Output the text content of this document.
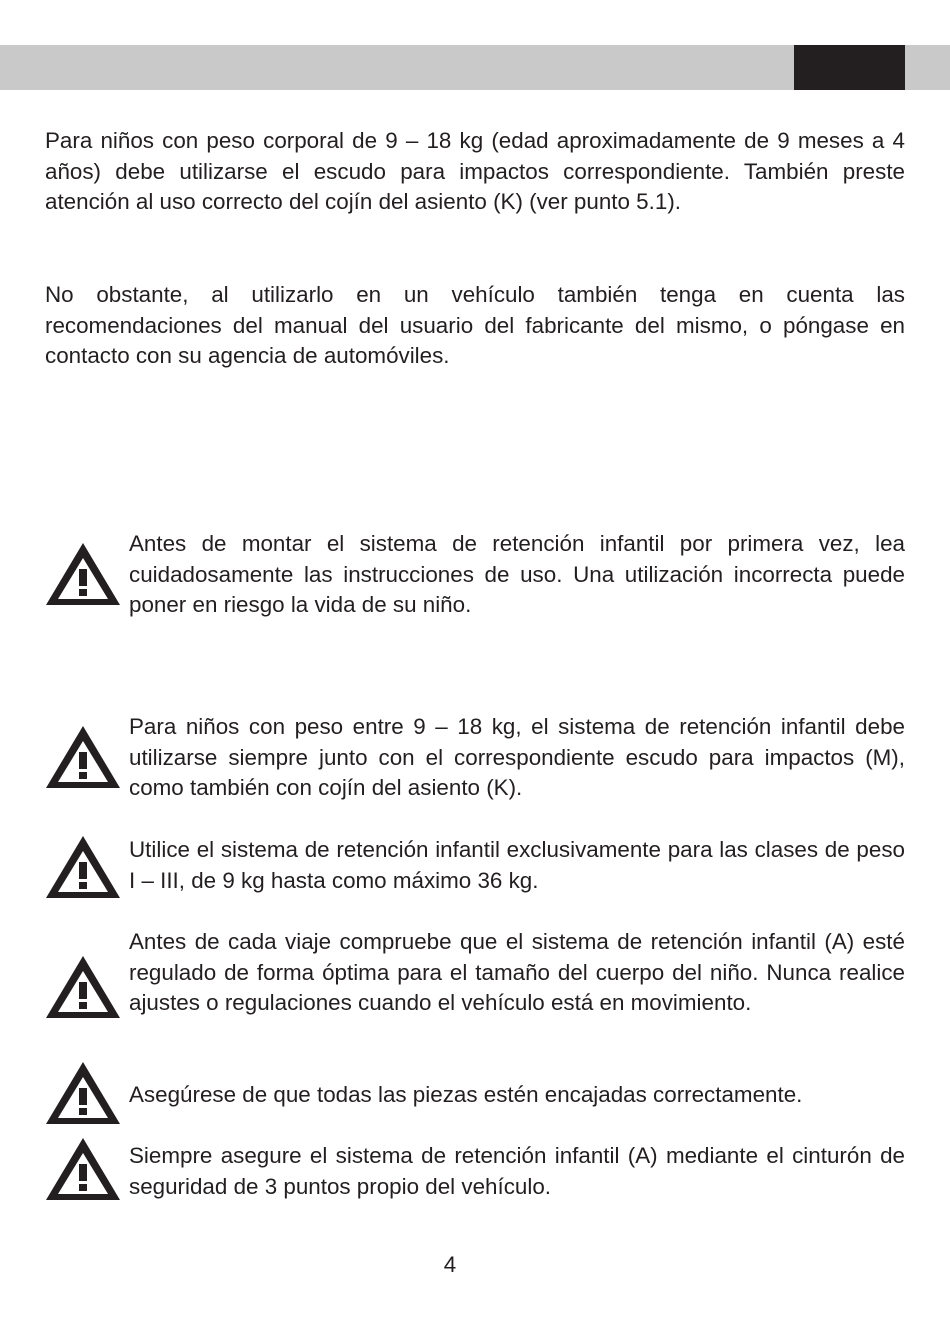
Para niños con peso corporal de 9 – 18 kg (edad aproximadamente de 9 meses a 4 años) debe utilizarse el escudo para impactos correspondiente. También preste atención al uso correcto del cojín del asiento (K) (ver punto 5.1).

No obstante, al utilizarlo en un vehículo también tenga en cuenta las recomendaciones del manual del usuario del fabricante del mismo, o póngase en contacto con su agencia de automóviles.

Antes de montar el sistema de retención infantil por primera vez, lea cuidadosamente las instrucciones de uso. Una utilización incorrecta puede poner en riesgo la vida de su niño.

Para niños con peso entre 9 – 18 kg, el sistema de retención infantil debe utilizarse siempre junto con el correspondiente escudo para impactos (M), como también con cojín del asiento (K).

Utilice el sistema de retención infantil exclusivamente para las clases de peso I – III, de 9 kg hasta como máximo 36 kg.

Antes de cada viaje compruebe que el sistema de retención infantil (A) esté regulado de forma óptima para el tamaño del cuerpo del niño. Nunca realice ajustes o regulaciones cuando el vehículo está en movimiento.

Asegúrese de que todas las piezas estén encajadas correctamente.

Siempre asegure el sistema de retención infantil (A) mediante el cinturón de seguridad de 3 puntos propio del vehículo.

4
